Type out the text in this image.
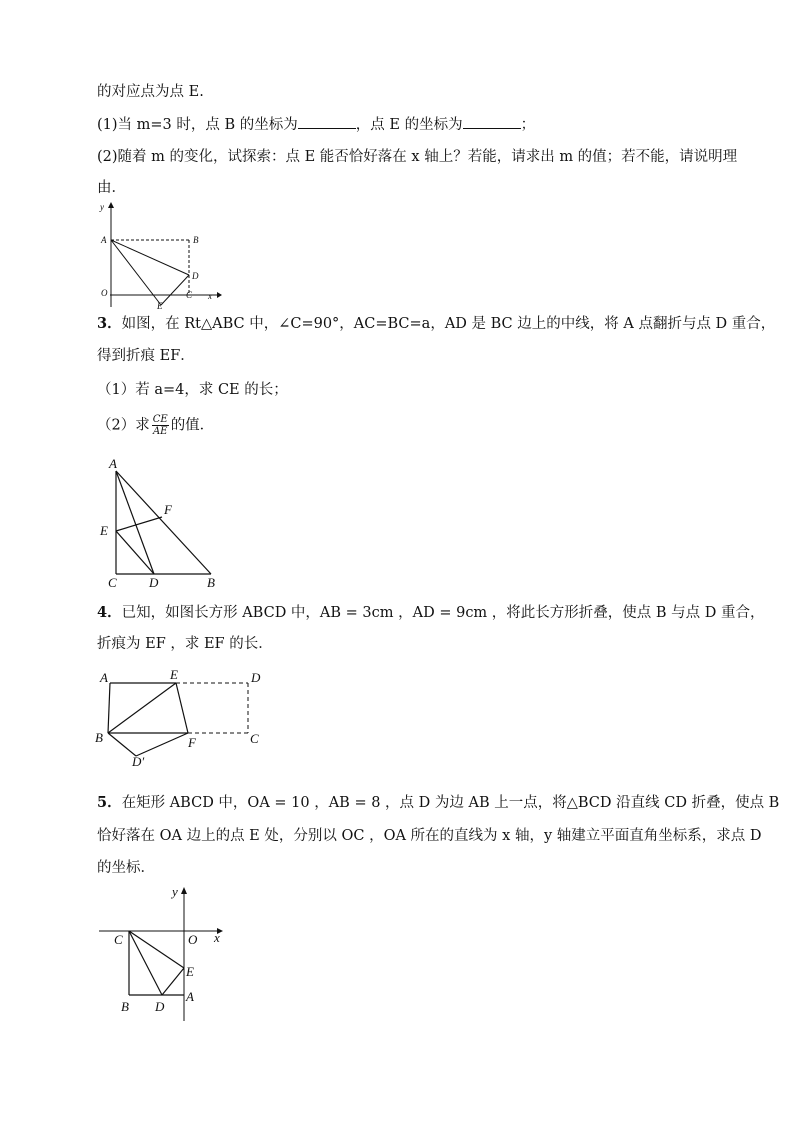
的对应点为点 E.
(1)当 m=3 时，点 B 的坐标为	，点 E 的坐标为	；
(2)随着 m 的变化，试探索：点 E 能否恰好落在 x 轴上？若能，请求出 m 的值；若不能，请说明理
由．
y
A	B
D
O	C x
E
3．如图，在 Rt△ABC 中，∠C=90°，AC=BC=a，AD 是 BC 边上的中线，将 A 点翻折与点 D 重合，
得到折痕 EF．
（1）若 a=4，求 CE 的长；
（2）求 $\frac{CE}{AE}$ 的值．
A
E
F
C D	B
4．已知，如图长方形 ABCD 中，AB = 3cm ，AD = 9cm ，将此长方形折叠，使点 B 与点 D 重合，
折痕为 EF ，求 EF 的长．
A	E	D
B	F	C
D′
5．在矩形 ABCD 中，OA = 10 ，AB = 8 ，点 D 为边 AB 上一点，将△BCD 沿直线 CD 折叠，使点 B
恰好落在 OA 边上的点 E 处，分别以 OC ，OA 所在的直线为 x 轴，y 轴建立平面直角坐标系，求点 D
的坐标．
y
x
C	O
E
A
B D
